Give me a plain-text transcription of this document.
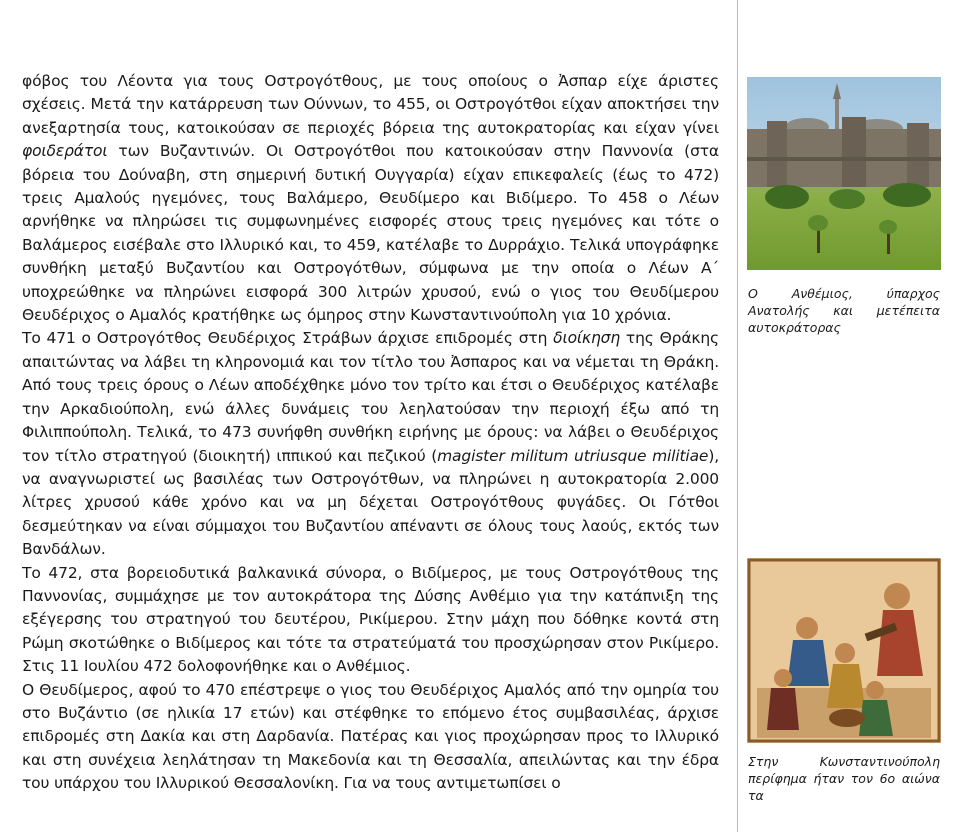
φόβος του Λέοντα για τους Οστρογότθους, με τους οποίους ο Ἀσπαρ είχε άριστες σχέσεις. Μετά την κατάρρευση των Ούννων, το 455, οι Οστρογότθοι είχαν αποκτήσει την ανεξαρτησία τους, κατοικούσαν σε περιοχές βόρεια της αυτοκρατορίας και είχαν γίνει φοιδεράτοι των Βυζαντινών. Οι Οστρογότθοι που κατοικούσαν στην Παννονία (στα βόρεια του Δούναβη, στη σημερινή δυτική Ουγγαρία) είχαν επικεφαλείς (έως το 472) τρεις Αμαλούς ηγεμόνες, τους Βαλάμερο, Θευδίμερο και Βιδίμερο. Το 458 ο Λέων αρνήθηκε να πληρώσει τις συμφωνημένες εισφορές στους τρεις ηγεμόνες και τότε ο Βαλάμερος εισέβαλε στο Ιλλυρικό και, το 459, κατέλαβε το Δυρράχιο. Τελικά υπογράφηκε συνθήκη μεταξύ Βυζαντίου και Οστρογότθων, σύμφωνα με την οποία ο Λέων Α΄ υποχρεώθηκε να πληρώνει εισφορά 300 λιτρών χρυσού, ενώ ο γιος του Θευδίμερου Θευδέριχος ο Αμαλός κρατήθηκε ως όμηρος στην Κωνσταντινούπολη για 10 χρόνια.

Το 471 ο Οστρογότθος Θευδέριχος Στράβων άρχισε επιδρομές στη διοίκηση της Θράκης απαιτώντας να λάβει τη κληρονομιά και τον τίτλο του Ἀσπαρος και να νέμεται τη Θράκη. Από τους τρεις όρους ο Λέων αποδέχθηκε μόνο τον τρίτο και έτσι ο Θευδέριχος κατέλαβε την Αρκαδιούπολη, ενώ άλλες δυνάμεις του λεηλατούσαν την περιοχή έξω από τη Φιλιππούπολη. Τελικά, το 473 συνήφθη συνθήκη ειρήνης με όρους: να λάβει ο Θευδέριχος τον τίτλο στρατηγού (διοικητή) ιππικού και πεζικού (magister militum utriusque militiae), να αναγνωριστεί ως βασιλέας των Οστρογότθων, να πληρώνει η αυτοκρατορία 2.000 λίτρες χρυσού κάθε χρόνο και να μη δέχεται Οστρογότθους φυγάδες. Οι Γότθοι δεσμεύτηκαν να είναι σύμμαχοι του Βυζαντίου απέναντι σε όλους τους λαούς, εκτός των Βανδάλων.

Το 472, στα βορειοδυτικά βαλκανικά σύνορα, ο Βιδίμερος, με τους Οστρογότθους της Παννονίας, συμμάχησε με τον αυτοκράτορα της Δύσης Ανθέμιο για την κατάπνιξη της εξέγερσης του στρατηγού του δευτέρου, Ρικίμερου. Στην μάχη που δόθηκε κοντά στη Ρώμη σκοτώθηκε ο Βιδίμερος και τότε τα στρατεύματά του προσχώρησαν στον Ρικίμερο. Στις 11 Ιουλίου 472 δολοφονήθηκε και ο Ανθέμιος.

Ο Θευδίμερος, αφού το 470 επέστρεψε ο γιος του Θευδέριχος Αμαλός από την ομηρία του στο Βυζάντιο (σε ηλικία 17 ετών) και στέφθηκε το επόμενο έτος συμβασιλέας, άρχισε επιδρομές στη Δακία και στη Δαρδανία. Πατέρας και γιος προχώρησαν προς το Ιλλυρικό και στη συνέχεια λεηλάτησαν τη Μακεδονία και τη Θεσσαλία, απειλώντας και την έδρα του υπάρχου του Ιλλυρικού Θεσσαλονίκη. Για να τους αντιμετωπίσει ο

Ο Ανθέμιος, ύπαρχος Ανατολής και μετέπειτα αυτοκράτορας
Στην Κωνσταντινούπολη περίφημα ήταν τον 6ο αιώνα τα
